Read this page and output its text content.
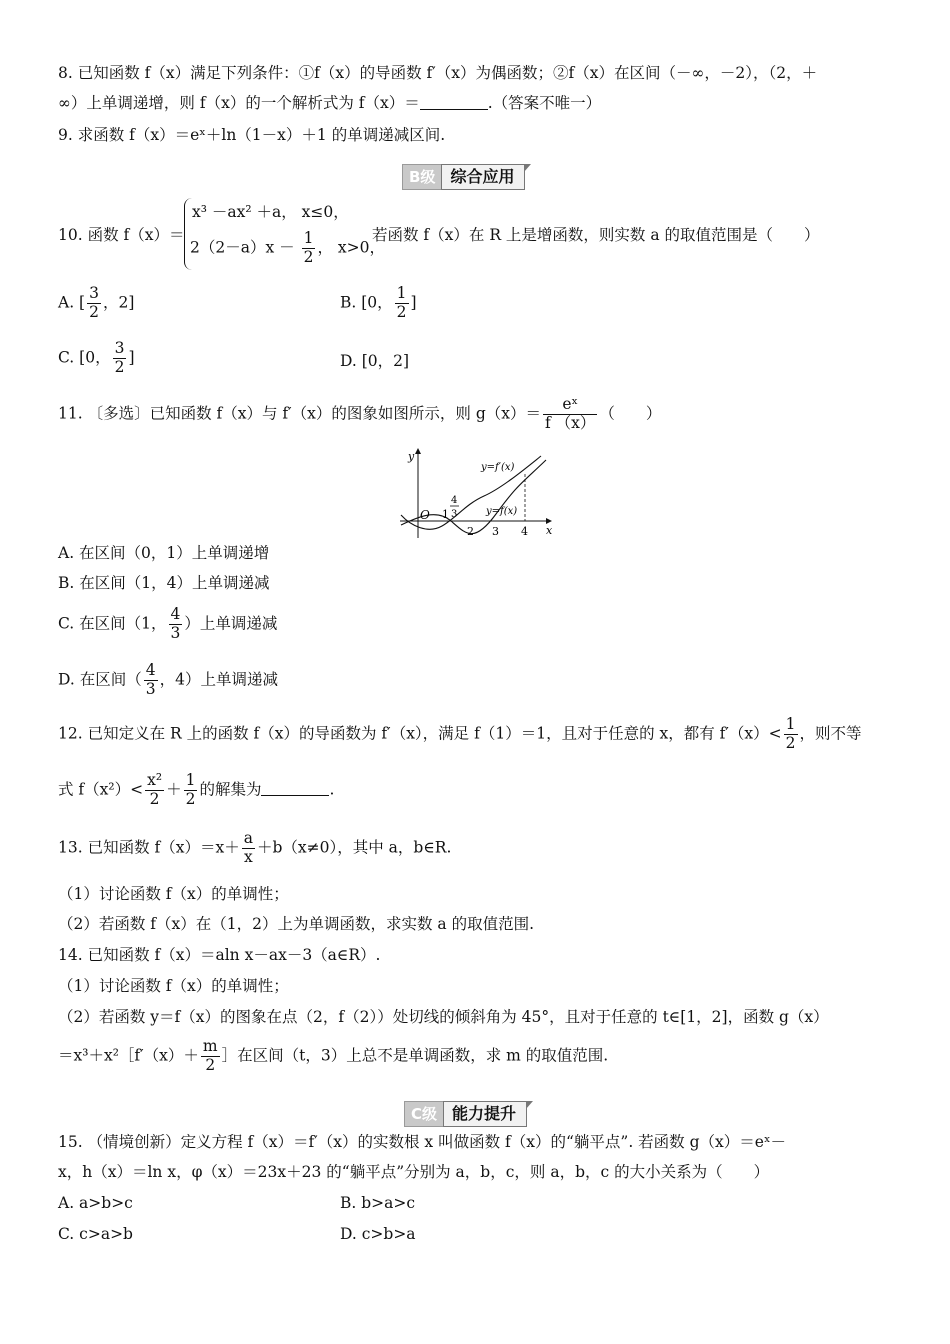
8. 已知函数 f（x）满足下列条件：①f（x）的导函数 f′（x）为偶函数；②f（x）在区间（－∞，－2），（2，＋
∞）上单调递增，则 f（x）的一个解析式为 f（x）＝	.（答案不唯一）
9. 求函数 f（x）＝eˣ＋ln（1－x）＋1 的单调递减区间.
B级 综合应用
10. 函数 f（x）＝
x³ －ax² ＋a， x≤0，
$2(2-a)x - \frac{1}{2}$ ， x>0，
若函数 f（x）在 R 上是增函数，则实数 a 的取值范围是（　　）
A. [ $\frac{3}{2}$ ，2]	B. [0， $\frac{1}{2}$ ]
C. [0， $\frac{3}{2}$ ]	D. [0，2]
11. 〔多选〕已知函数 f（x）与 f′（x）的图象如图所示，则 $g(x)= \frac{\text{eˣ}}{f (x)}$ （　　）
y
x
O
y=f′(x)
y=f(x)
1
4
3
2 3 4
A. 在区间（0，1）上单调递增
B. 在区间（1，4）上单调递减
C. 在区间（1， $\frac{4}{3}$ ）上单调递减
D. 在区间（ $\frac{4}{3}$ ，4）上单调递减
12. 已知定义在 R 上的函数 f（x）的导函数为 f′（x），满足 f（1）＝1，且对于任意的 x，都有 $f'(x)< \frac{1}{2}$ ，则不等
式 $f(x^2)< \frac{\text{x²}}{2} + \frac{1}{2}$ 的解集为	.
13. 已知函数 $f(x)=x+ \frac{a}{x} +b(x\ne 0)$，其中 a，b∈R.
（1）讨论函数 f（x）的单调性；
（2）若函数 f（x）在（1，2）上为单调函数，求实数 a 的取值范围.
14. 已知函数 f（x）＝aln x－ax－3（a∈R）.
（1）讨论函数 f（x）的单调性；
（2）若函数 y＝f（x）的图象在点（2，f（2））处切线的倾斜角为 45°，且对于任意的 t∈[1，2]，函数 g（x）
＝x³＋x²［f′（x）＋ $\frac{m}{2}$ ］在区间（t，3）上总不是单调函数，求 m 的取值范围.
C级 能力提升
15. （情境创新）定义方程 f（x）＝f′（x）的实数根 x 叫做函数 f（x）的“躺平点”. 若函数 g（x）＝eˣ－
x，h（x）＝ln x，φ（x）＝23x＋23 的“躺平点”分别为 a，b，c，则 a，b，c 的大小关系为（　　）
A. a>b>c	B. b>a>c
C. c>a>b	D. c>b>a
